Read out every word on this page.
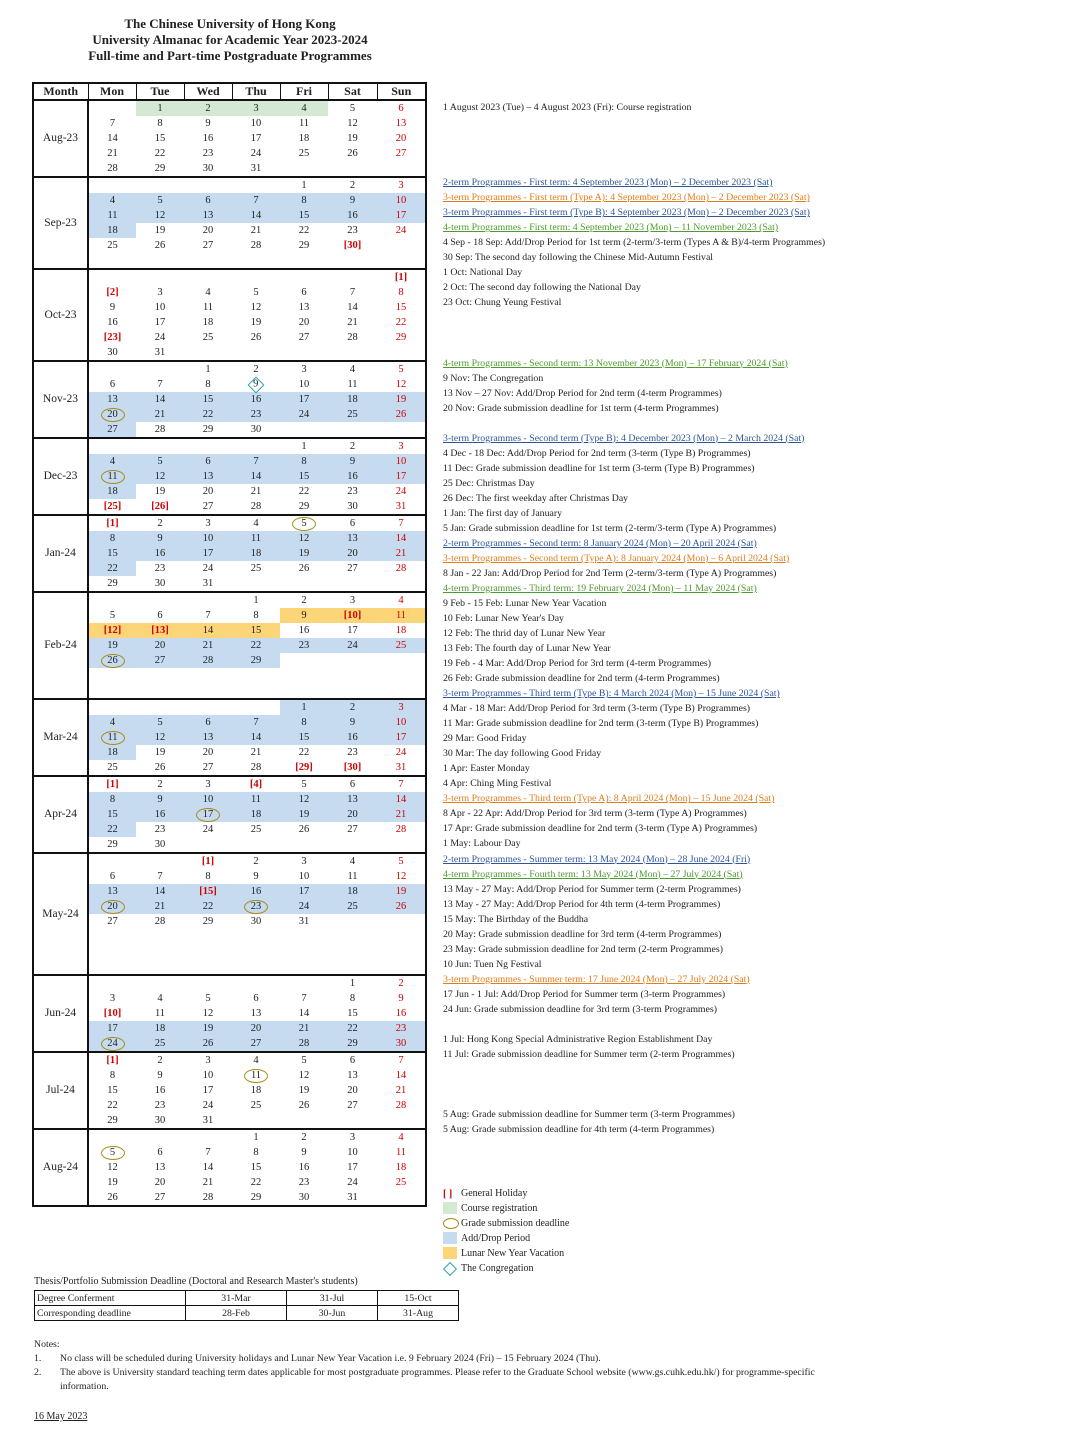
The Chinese University of Hong Kong
University Almanac for Academic Year 2023-2024
Full-time and Part-time Postgraduate Programmes
Month	Mon	Tue	Wed	Thu	Fri	Sat	Sun
Aug-23		1	2	3	4	5	6
	7	8	9	10	11	12	13
	14	15	16	17	18	19	20
	21	22	23	24	25	26	27
	28	29	30	31			
Sep-23					1	2	3
	4	5	6	7	8	9	10
	11	12	13	14	15	16	17
	18	19	20	21	22	23	24
	25	26	27	28	29	[30]	

Oct-23							[1]
	[2]	3	4	5	6	7	8
	9	10	11	12	13	14	15
	16	17	18	19	20	21	22
	[23]	24	25	26	27	28	29
	30	31					
Nov-23			1	2	3	4	5
	6	7	8	9	10	11	12
	13	14	15	16	17	18	19
	20	21	22	23	24	25	26
	27	28	29	30			
Dec-23					1	2	3
	4	5	6	7	8	9	10
	11	12	13	14	15	16	17
	18	19	20	21	22	23	24
	[25]	[26]	27	28	29	30	31
Jan-24	[1]	2	3	4	5	6	7
	8	9	10	11	12	13	14
	15	16	17	18	19	20	21
	22	23	24	25	26	27	28
	29	30	31				
Feb-24				1	2	3	4
	5	6	7	8	9	[10]	11
	[12]	[13]	14	15	16	17	18
	19	20	21	22	23	24	25
	26	27	28	29			

Mar-24					1	2	3
	4	5	6	7	8	9	10
	11	12	13	14	15	16	17
	18	19	20	21	22	23	24
	25	26	27	28	[29]	[30]	31
Apr-24	[1]	2	3	[4]	5	6	7
	8	9	10	11	12	13	14
	15	16	17	18	19	20	21
	22	23	24	25	26	27	28
	29	30					
May-24			[1]	2	3	4	5
	6	7	8	9	10	11	12
	13	14	[15]	16	17	18	19
	20	21	22	23	24	25	26
	27	28	29	30	31		

Jun-24						1	2
	3	4	5	6	7	8	9
	[10]	11	12	13	14	15	16
	17	18	19	20	21	22	23
	24	25	26	27	28	29	30
Jul-24	[1]	2	3	4	5	6	7
	8	9	10	11	12	13	14
	15	16	17	18	19	20	21
	22	23	24	25	26	27	28
	29	30	31				
Aug-24				1	2	3	4
	5	6	7	8	9	10	11
	12	13	14	15	16	17	18
	19	20	21	22	23	24	25
	26	27	28	29	30	31	
1 August 2023 (Tue) – 4 August 2023 (Fri): Course registration
2-term Programmes - First term: 4 September 2023 (Mon) – 2 December 2023 (Sat)
3-term Programmes - First term (Type A): 4 September 2023 (Mon) – 2 December 2023 (Sat)
3-term Programmes - First term (Type B): 4 September 2023 (Mon) – 2 December 2023 (Sat)
4-term Programmes - First term: 4 September 2023 (Mon) – 11 November 2023 (Sat)
4 Sep - 18 Sep: Add/Drop Period for 1st term (2-term/3-term (Types A & B)/4-term Programmes)
30 Sep: The second day following the Chinese Mid-Autumn Festival
1 Oct: National Day
2 Oct: The second day following the National Day
23 Oct: Chung Yeung Festival
4-term Programmes - Second term: 13 November 2023 (Mon) – 17 February 2024 (Sat)
9 Nov: The Congregation
13 Nov – 27 Nov: Add/Drop Period for 2nd term (4-term Programmes)
20 Nov: Grade submission deadline for 1st term (4-term Programmes)
3-term Programmes - Second term (Type B): 4 December 2023 (Mon) – 2 March 2024 (Sat)
4 Dec - 18 Dec: Add/Drop Period for 2nd term (3-term (Type B) Programmes)
11 Dec: Grade submission deadline for 1st term (3-term (Type B) Programmes)
25 Dec: Christmas Day
26 Dec: The first weekday after Christmas Day
1 Jan: The first day of January
5 Jan: Grade submission deadline for 1st term (2-term/3-term (Type A) Programmes)
2-term Programmes - Second term: 8 January 2024 (Mon) – 20 April 2024 (Sat)
3-term Programmes - Second term (Type A): 8 January 2024 (Mon) – 6 April 2024 (Sat)
8 Jan - 22 Jan: Add/Drop Period for 2nd Term (2-term/3-term (Type A) Programmes)
4-term Programmes - Third term: 19 February 2024 (Mon) – 11 May 2024 (Sat)
9 Feb - 15 Feb: Lunar New Year Vacation
10 Feb: Lunar New Year's Day
12 Feb: The thrid day of Lunar New Year
13 Feb: The fourth day of Lunar New Year
19 Feb - 4 Mar: Add/Drop Period for 3rd term (4-term Programmes)
26 Feb: Grade submission deadline for 2nd term (4-term Programmes)
3-term Programmes - Third term (Type B): 4 March 2024 (Mon) – 15 June 2024 (Sat)
4 Mar - 18 Mar: Add/Drop Period for 3rd term (3-term (Type B) Programmes)
11 Mar: Grade submission deadline for 2nd term (3-term (Type B) Programmes)
29 Mar: Good Friday
30 Mar: The day following Good Friday
1 Apr: Easter Monday
4 Apr: Ching Ming Festival
3-term Programmes - Third term (Type A): 8 April 2024 (Mon) – 15 June 2024 (Sat)
8 Apr - 22 Apr: Add/Drop Period for 3rd term (3-term (Type A) Programmes)
17 Apr: Grade submission deadline for 2nd term (3-term (Type A) Programmes)
1 May: Labour Day
2-term Programmes - Summer term: 13 May 2024 (Mon) – 28 June 2024 (Fri)
4-term Programmes - Fourth term: 13 May 2024 (Mon) – 27 July 2024 (Sat)
13 May - 27 May: Add/Drop Period for Summer term (2-term Programmes)
13 May - 27 May: Add/Drop Period for 4th term (4-term Programmes)
15 May: The Birthday of the Buddha
20 May: Grade submission deadline for 3rd term (4-term Programmes)
23 May: Grade submission deadline for 2nd term (2-term Programmes)
10 Jun: Tuen Ng Festival
3-term Programmes - Summer term: 17 June 2024 (Mon) – 27 July 2024 (Sat)
17 Jun - 1 Jul: Add/Drop Period for Summer term (3-term Programmes)
24 Jun: Grade submission deadline for 3rd term (3-term Programmes)
1 Jul: Hong Kong Special Administrative Region Establishment Day
11 Jul: Grade submission deadline for Summer term (2-term Programmes)
5 Aug: Grade submission deadline for Summer term (3-term Programmes)
5 Aug: Grade submission deadline for 4th term (4-term Programmes)
[ ] General Holiday
Course registration
Grade submission deadline
Add/Drop Period
Lunar New Year Vacation
The Congregation
Thesis/Portfolio Submission Deadline (Doctoral and Research Master's students)
Degree Conferment	31-Mar	31-Jul	15-Oct
Corresponding deadline	28-Feb	30-Jun	31-Aug
Notes:
1. No class will be scheduled during University holidays and Lunar New Year Vacation i.e. 9 February 2024 (Fri) – 15 February 2024 (Thu).
2. The above is University standard teaching term dates applicable for most postgraduate programmes. Please refer to the Graduate School website (www.gs.cuhk.edu.hk/) for programme-specific information.
16 May 2023
